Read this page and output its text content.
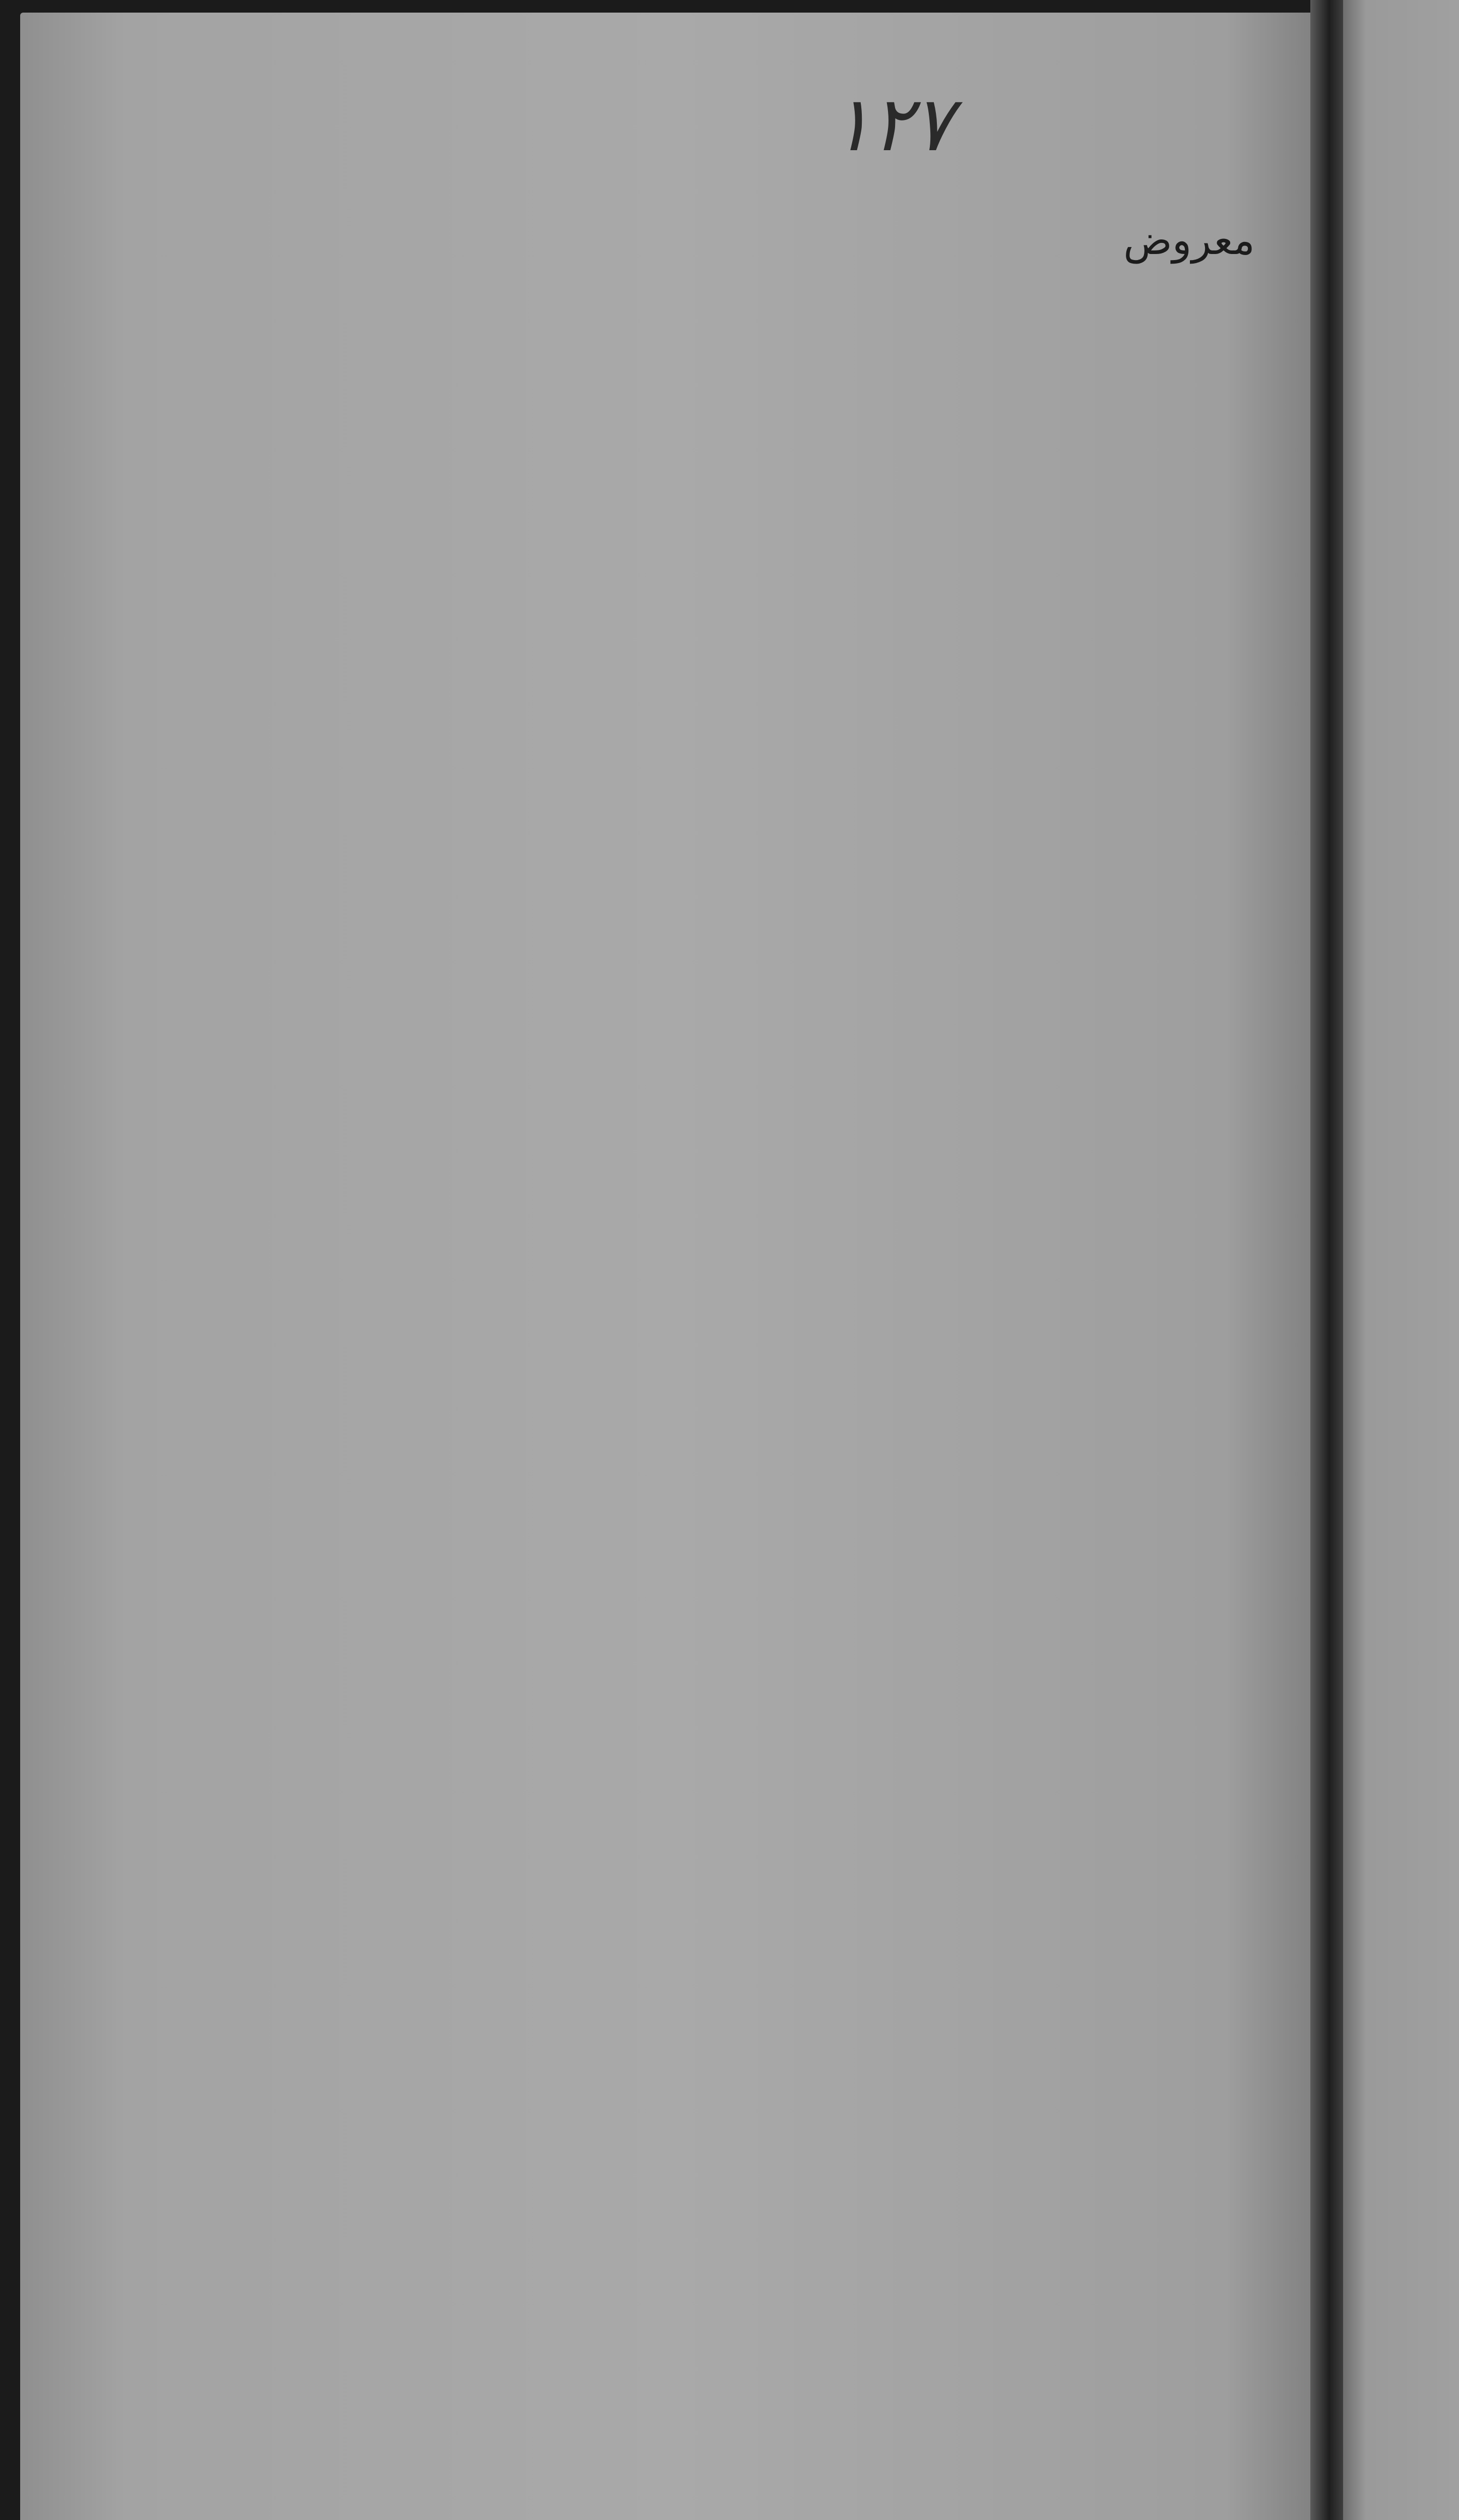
١٢٧
معروض
